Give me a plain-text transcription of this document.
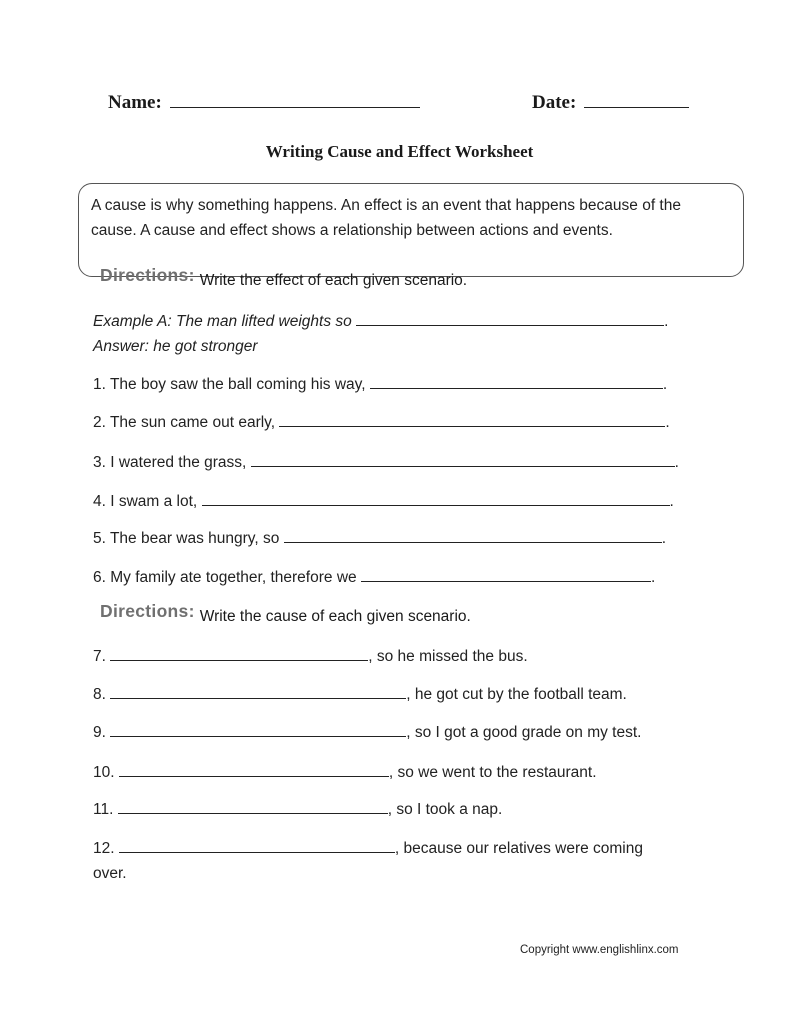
Name:	Date:
Writing Cause and Effect Worksheet
A cause is why something happens. An effect is an event that happens because of the
cause. A cause and effect shows a relationship between actions and events.
Directions: Write the effect of each given scenario.
Example A: The man lifted weights so	.
Answer: he got stronger
1. The boy saw the ball coming his way,	.
2. The sun came out early,	.
3. I watered the grass,	.
4. I swam a lot,	.
5. The bear was hungry, so	.
6. My family ate together, therefore we	.
Directions: Write the cause of each given scenario.
7.	, so he missed the bus.
8.	, he got cut by the football team.
9.	, so I got a good grade on my test.
10.	, so we went to the restaurant.
11.	, so I took a nap.
12.	, because our relatives were coming
over.
Copyright www.englishlinx.com
